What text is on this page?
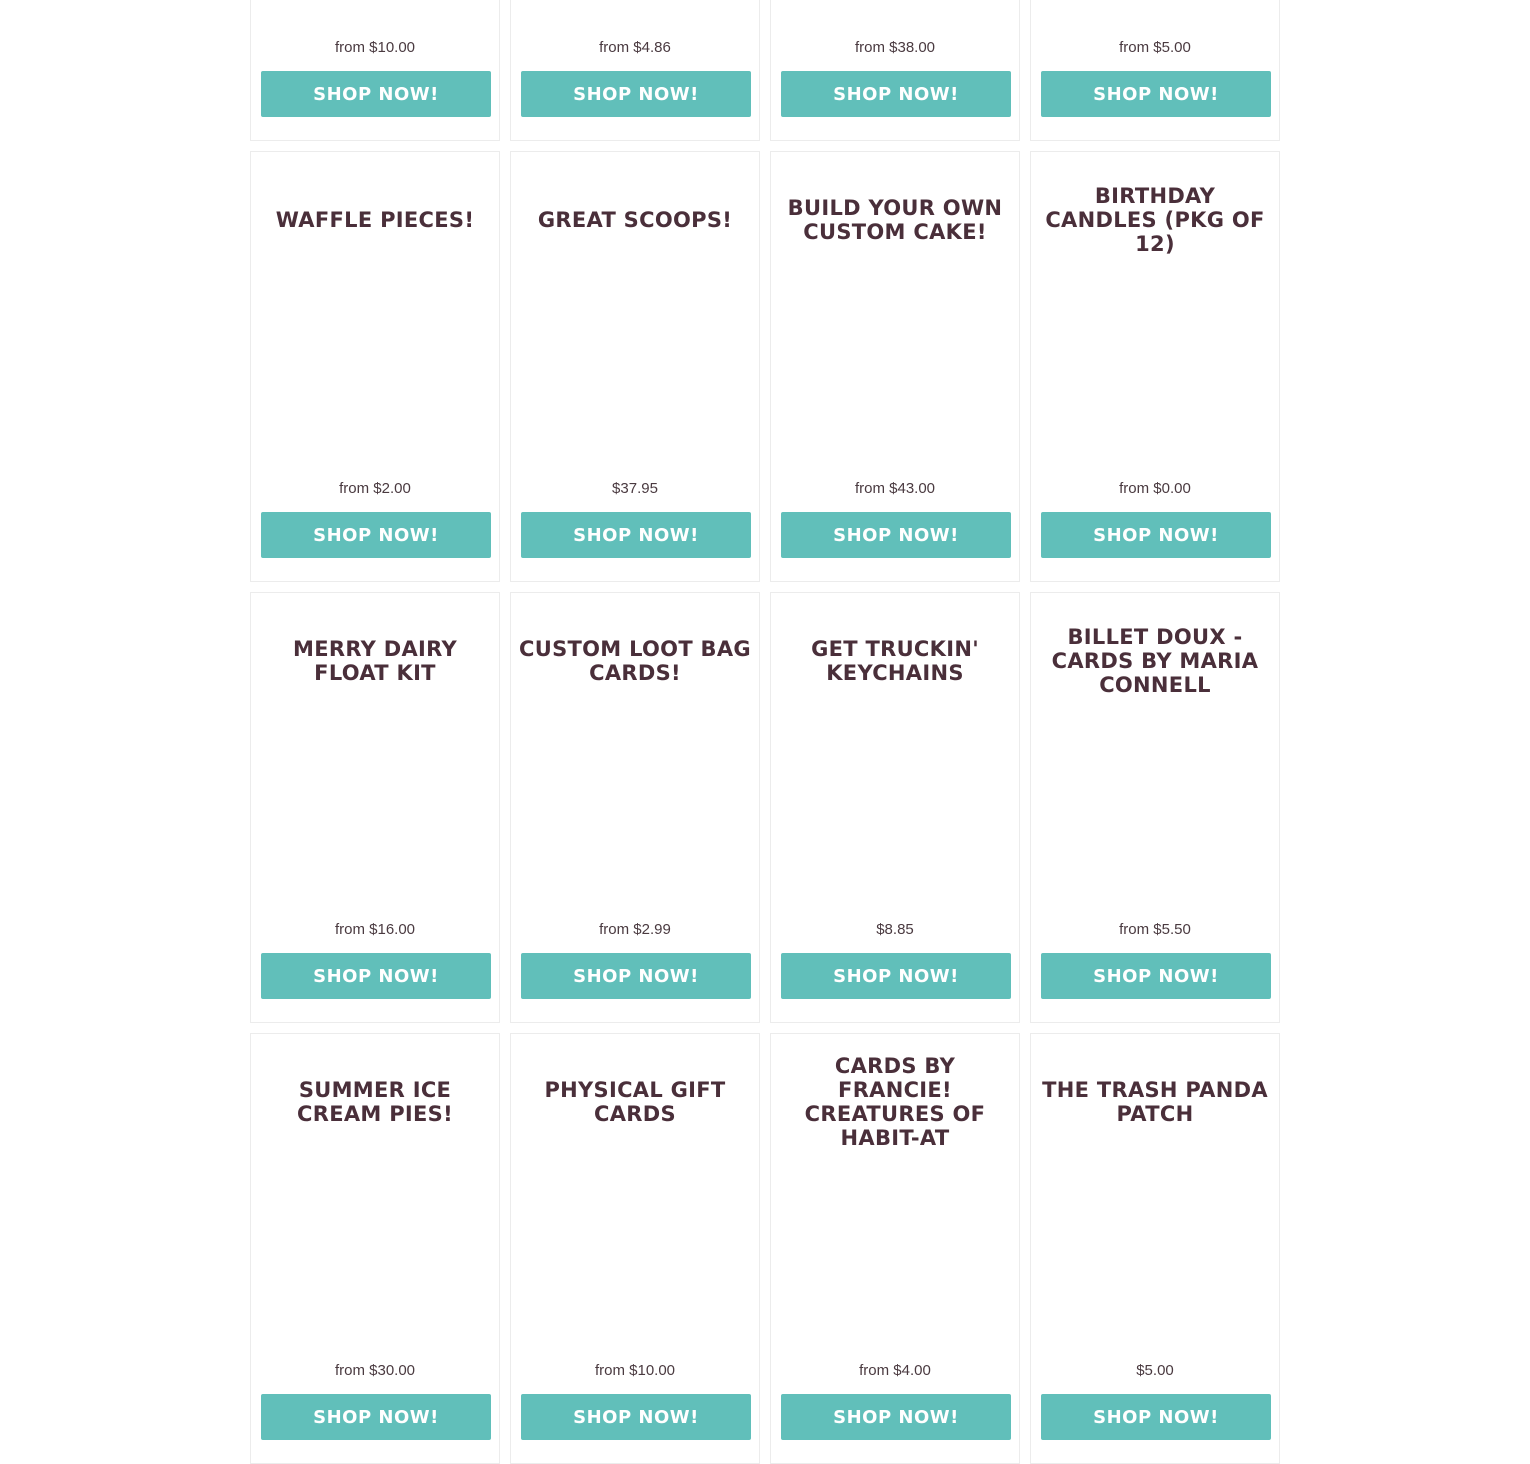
from $10.00
SHOP NOW!
from $4.86
SHOP NOW!
from $38.00
SHOP NOW!
from $5.00
SHOP NOW!
WAFFLE PIECES!
from $2.00
SHOP NOW!
GREAT SCOOPS!
$37.95
SHOP NOW!
BUILD YOUR OWN CUSTOM CAKE!
from $43.00
SHOP NOW!
BIRTHDAY CANDLES (PKG OF 12)
from $0.00
SHOP NOW!
MERRY DAIRY FLOAT KIT
from $16.00
SHOP NOW!
CUSTOM LOOT BAG CARDS!
from $2.99
SHOP NOW!
GET TRUCKIN' KEYCHAINS
$8.85
SHOP NOW!
BILLET DOUX - CARDS BY MARIA CONNELL
from $5.50
SHOP NOW!
SUMMER ICE CREAM PIES!
from $30.00
SHOP NOW!
PHYSICAL GIFT CARDS
from $10.00
SHOP NOW!
CARDS BY FRANCIE! CREATURES OF HABIT-AT
from $4.00
SHOP NOW!
THE TRASH PANDA PATCH
$5.00
SHOP NOW!
